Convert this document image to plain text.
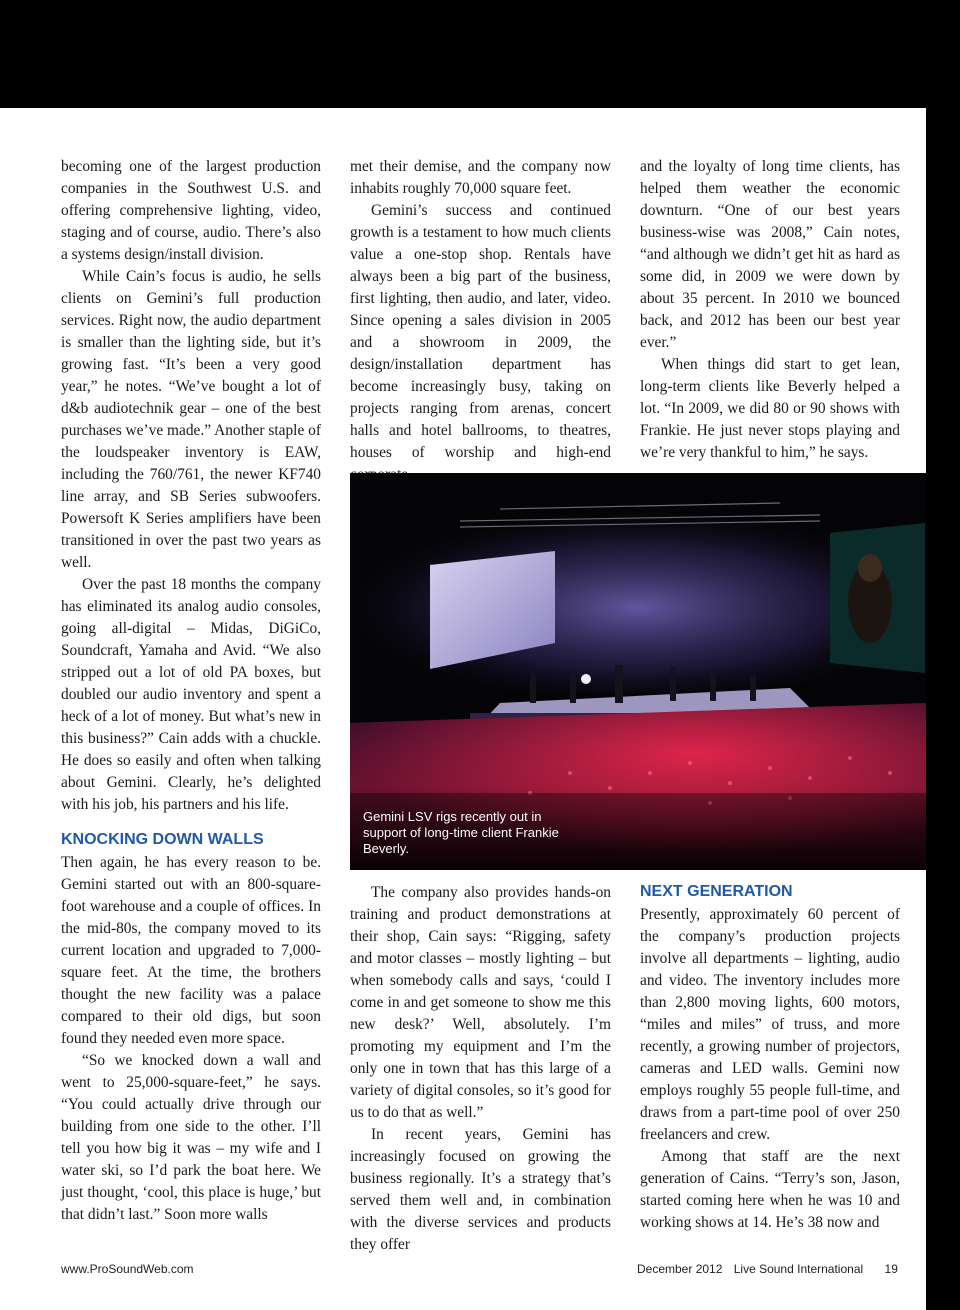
becoming one of the largest production companies in the Southwest U.S. and offering comprehensive lighting, video, staging and of course, audio. There’s also a systems design/install division.

While Cain’s focus is audio, he sells clients on Gemini’s full production services. Right now, the audio department is smaller than the lighting side, but it’s growing fast. “It’s been a very good year,” he notes. “We’ve bought a lot of d&b audiotechnik gear – one of the best purchases we’ve made.” Another staple of the loudspeaker inventory is EAW, including the 760/761, the newer KF740 line array, and SB Series subwoofers. Powersoft K Series amplifiers have been transitioned in over the past two years as well.

Over the past 18 months the company has eliminated its analog audio consoles, going all-digital – Midas, DiGiCo, Soundcraft, Yamaha and Avid. “We also stripped out a lot of old PA boxes, but doubled our audio inventory and spent a heck of a lot of money. But what’s new in this business?” Cain adds with a chuckle. He does so easily and often when talking about Gemini. Clearly, he’s delighted with his job, his partners and his life.

KNOCKING DOWN WALLS

Then again, he has every reason to be. Gemini started out with an 800-square-foot warehouse and a couple of offices. In the mid-80s, the company moved to its current location and upgraded to 7,000-square feet. At the time, the brothers thought the new facility was a palace compared to their old digs, but soon found they needed even more space.

“So we knocked down a wall and went to 25,000-square-feet,” he says. “You could actually drive through our building from one side to the other. I’ll tell you how big it was – my wife and I water ski, so I’d park the boat here. We just thought, ‘cool, this place is huge,’ but that didn’t last.” Soon more walls

met their demise, and the company now inhabits roughly 70,000 square feet.

Gemini’s success and continued growth is a testament to how much clients value a one-stop shop. Rentals have always been a big part of the business, first lighting, then audio, and later, video. Since opening a sales division in 2005 and a showroom in 2009, the design/installation department has become increasingly busy, taking on projects ranging from arenas, concert halls and hotel ballrooms, to theatres, houses of worship and high-end

and the loyalty of long time clients, has helped them weather the economic downturn. “One of our best years business-wise was 2008,” Cain notes, “and although we didn’t get hit as hard as some did, in 2009 we were down by about 35 percent. In 2010 we bounced back, and 2012 has been our best year ever.”

When things did start to get lean, long-term clients like Beverly helped a lot. “In 2009, we did 80 or 90 shows with Frankie. He just never stops playing and we’re very thankful to him,” he says.

Gemini LSV rigs recently out in support of long-time client Frankie Beverly.

The company also provides hands-on training and product demonstrations at their shop, Cain says: “Rigging, safety and motor classes – mostly lighting – but when somebody calls and says, ‘could I come in and get someone to show me this new desk?’ Well, absolutely. I’m promoting my equipment and I’m the only one in town that has this large of a variety of digital consoles, so it’s good for us to do that as well.”

In recent years, Gemini has increasingly focused on growing the business regionally. It’s a strategy that’s served them well and, in combination with the diverse services and products they offer

NEXT GENERATION

Presently, approximately 60 percent of the company’s production projects involve all departments – lighting, audio and video. The inventory includes more than 2,800 moving lights, 600 motors, “miles and miles” of truss, and more recently, a growing number of projectors, cameras and LED walls. Gemini now employs roughly 55 people full-time, and draws from a part-time pool of over 250 freelancers and crew.

Among that staff are the next generation of Cains. “Terry’s son, Jason, started coming here when he was 10 and working shows at 14. He’s 38 now and

www.ProSoundWeb.com	December 2012 Live Sound International 19
